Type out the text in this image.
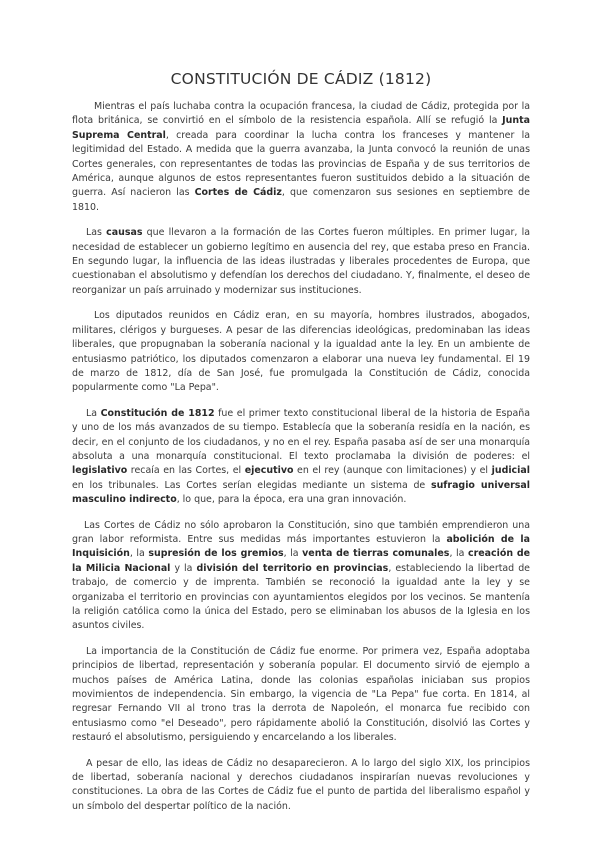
CONSTITUCIÓN DE CÁDIZ (1812)

Mientras el país luchaba contra la ocupación francesa, la ciudad de Cádiz, protegida por la flota británica, se convirtió en el símbolo de la resistencia española. Allí se refugió la Junta Suprema Central, creada para coordinar la lucha contra los franceses y mantener la legitimidad del Estado. A medida que la guerra avanzaba, la Junta convocó la reunión de unas Cortes generales, con representantes de todas las provincias de España y de sus territorios de América, aunque algunos de estos representantes fueron sustituidos debido a la situación de guerra. Así nacieron las Cortes de Cádiz, que comenzaron sus sesiones en septiembre de 1810.

Las causas que llevaron a la formación de las Cortes fueron múltiples. En primer lugar, la necesidad de establecer un gobierno legítimo en ausencia del rey, que estaba preso en Francia. En segundo lugar, la influencia de las ideas ilustradas y liberales procedentes de Europa, que cuestionaban el absolutismo y defendían los derechos del ciudadano. Y, finalmente, el deseo de reorganizar un país arruinado y modernizar sus instituciones.

Los diputados reunidos en Cádiz eran, en su mayoría, hombres ilustrados, abogados, militares, clérigos y burgueses. A pesar de las diferencias ideológicas, predominaban las ideas liberales, que propugnaban la soberanía nacional y la igualdad ante la ley. En un ambiente de entusiasmo patriótico, los diputados comenzaron a elaborar una nueva ley fundamental. El 19 de marzo de 1812, día de San José, fue promulgada la Constitución de Cádiz, conocida popularmente como "La Pepa".

La Constitución de 1812 fue el primer texto constitucional liberal de la historia de España y uno de los más avanzados de su tiempo. Establecía que la soberanía residía en la nación, es decir, en el conjunto de los ciudadanos, y no en el rey. España pasaba así de ser una monarquía absoluta a una monarquía constitucional. El texto proclamaba la división de poderes: el legislativo recaía en las Cortes, el ejecutivo en el rey (aunque con limitaciones) y el judicial en los tribunales. Las Cortes serían elegidas mediante un sistema de sufragio universal masculino indirecto, lo que, para la época, era una gran innovación.

Las Cortes de Cádiz no sólo aprobaron la Constitución, sino que también emprendieron una gran labor reformista. Entre sus medidas más importantes estuvieron la abolición de la Inquisición, la supresión de los gremios, la venta de tierras comunales, la creación de la Milicia Nacional y la división del territorio en provincias, estableciendo la libertad de trabajo, de comercio y de imprenta. También se reconoció la igualdad ante la ley y se organizaba el territorio en provincias con ayuntamientos elegidos por los vecinos. Se mantenía la religión católica como la única del Estado, pero se eliminaban los abusos de la Iglesia en los asuntos civiles.

La importancia de la Constitución de Cádiz fue enorme. Por primera vez, España adoptaba principios de libertad, representación y soberanía popular. El documento sirvió de ejemplo a muchos países de América Latina, donde las colonias españolas iniciaban sus propios movimientos de independencia. Sin embargo, la vigencia de "La Pepa" fue corta. En 1814, al regresar Fernando VII al trono tras la derrota de Napoleón, el monarca fue recibido con entusiasmo como "el Deseado", pero rápidamente abolió la Constitución, disolvió las Cortes y restauró el absolutismo, persiguiendo y encarcelando a los liberales.

A pesar de ello, las ideas de Cádiz no desaparecieron. A lo largo del siglo XIX, los principios de libertad, soberanía nacional y derechos ciudadanos inspirarían nuevas revoluciones y constituciones. La obra de las Cortes de Cádiz fue el punto de partida del liberalismo español y un símbolo del despertar político de la nación.
